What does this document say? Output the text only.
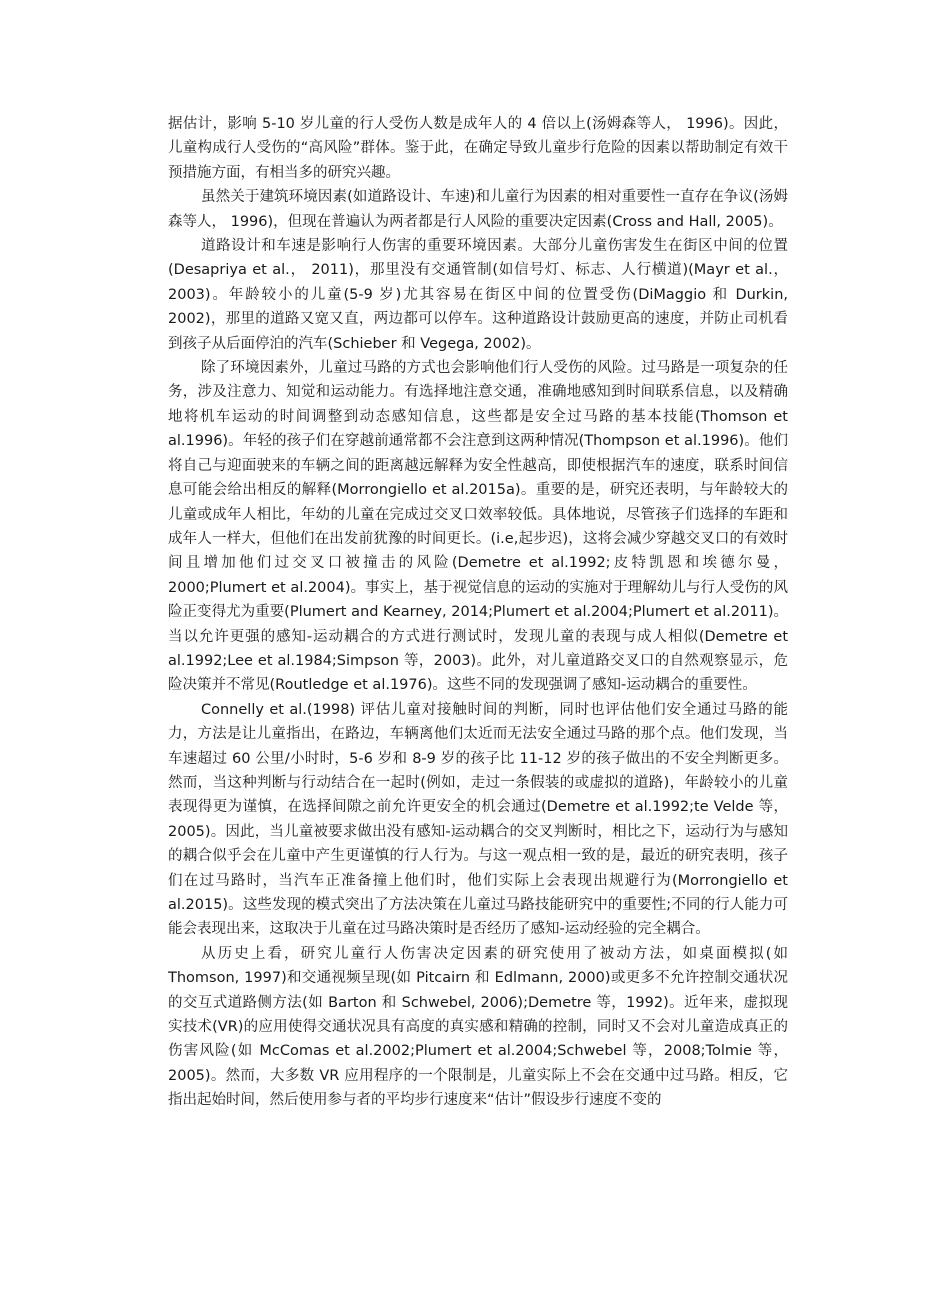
据估计，影响 5-10 岁儿童的行人受伤人数是成年人的 4 倍以上(汤姆森等人， 1996)。因此，儿童构成行人受伤的“高风险”群体。鉴于此，在确定导致儿童步行危险的因素以帮助制定有效干预措施方面，有相当多的研究兴趣。

虽然关于建筑环境因素(如道路设计、车速)和儿童行为因素的相对重要性一直存在争议(汤姆森等人， 1996)，但现在普遍认为两者都是行人风险的重要决定因素(Cross and Hall, 2005)。

道路设计和车速是影响行人伤害的重要环境因素。大部分儿童伤害发生在街区中间的位置(Desapriya et al.， 2011)，那里没有交通管制(如信号灯、标志、人行横道)(Mayr et al.， 2003)。年龄较小的儿童(5-9 岁)尤其容易在街区中间的位置受伤(DiMaggio 和 Durkin, 2002)，那里的道路又宽又直，两边都可以停车。这种道路设计鼓励更高的速度，并防止司机看到孩子从后面停泊的汽车(Schieber 和 Vegega, 2002)。

除了环境因素外，儿童过马路的方式也会影响他们行人受伤的风险。过马路是一项复杂的任务，涉及注意力、知觉和运动能力。有选择地注意交通，准确地感知到时间联系信息，以及精确地将机车运动的时间调整到动态感知信息，这些都是安全过马路的基本技能(Thomson et al.1996)。年轻的孩子们在穿越前通常都不会注意到这两种情况(Thompson et al.1996)。他们将自己与迎面驶来的车辆之间的距离越远解释为安全性越高，即使根据汽车的速度，联系时间信息可能会给出相反的解释(Morrongiello et al.2015a)。重要的是，研究还表明，与年龄较大的儿童或成年人相比，年幼的儿童在完成过交叉口效率较低。具体地说，尽管孩子们选择的车距和成年人一样大，但他们在出发前犹豫的时间更长。(i.e,起步迟)，这将会减少穿越交叉口的有效时间且增加他们过交叉口被撞击的风险(Demetre et al.1992;皮特凯恩和埃德尔曼，2000;Plumert et al.2004)。事实上，基于视觉信息的运动的实施对于理解幼儿与行人受伤的风险正变得尤为重要(Plumert and Kearney, 2014;Plumert et al.2004;Plumert et al.2011)。当以允许更强的感知-运动耦合的方式进行测试时，发现儿童的表现与成人相似(Demetre et al.1992;Lee et al.1984;Simpson 等，2003)。此外，对儿童道路交叉口的自然观察显示，危险决策并不常见(Routledge et al.1976)。这些不同的发现强调了感知-运动耦合的重要性。

Connelly et al.(1998) 评估儿童对接触时间的判断，同时也评估他们安全通过马路的能力，方法是让儿童指出，在路边，车辆离他们太近而无法安全通过马路的那个点。他们发现，当车速超过 60 公里/小时时，5-6 岁和 8-9 岁的孩子比 11-12 岁的孩子做出的不安全判断更多。然而，当这种判断与行动结合在一起时(例如，走过一条假装的或虚拟的道路)，年龄较小的儿童表现得更为谨慎，在选择间隙之前允许更安全的机会通过(Demetre et al.1992;te Velde 等，2005)。因此，当儿童被要求做出没有感知-运动耦合的交叉判断时，相比之下，运动行为与感知的耦合似乎会在儿童中产生更谨慎的行人行为。与这一观点相一致的是，最近的研究表明，孩子们在过马路时，当汽车正准备撞上他们时，他们实际上会表现出规避行为(Morrongiello et al.2015)。这些发现的模式突出了方法决策在儿童过马路技能研究中的重要性;不同的行人能力可能会表现出来，这取决于儿童在过马路决策时是否经历了感知-运动经验的完全耦合。

从历史上看，研究儿童行人伤害决定因素的研究使用了被动方法，如桌面模拟(如 Thomson, 1997)和交通视频呈现(如 Pitcairn 和 Edlmann, 2000)或更多不允许控制交通状况的交互式道路侧方法(如 Barton 和 Schwebel, 2006);Demetre 等，1992)。近年来，虚拟现实技术(VR)的应用使得交通状况具有高度的真实感和精确的控制，同时又不会对儿童造成真正的伤害风险(如 McComas et al.2002;Plumert et al.2004;Schwebel 等，2008;Tolmie 等，2005)。然而，大多数 VR 应用程序的一个限制是，儿童实际上不会在交通中过马路。相反，它指出起始时间，然后使用参与者的平均步行速度来“估计”假设步行速度不变的
